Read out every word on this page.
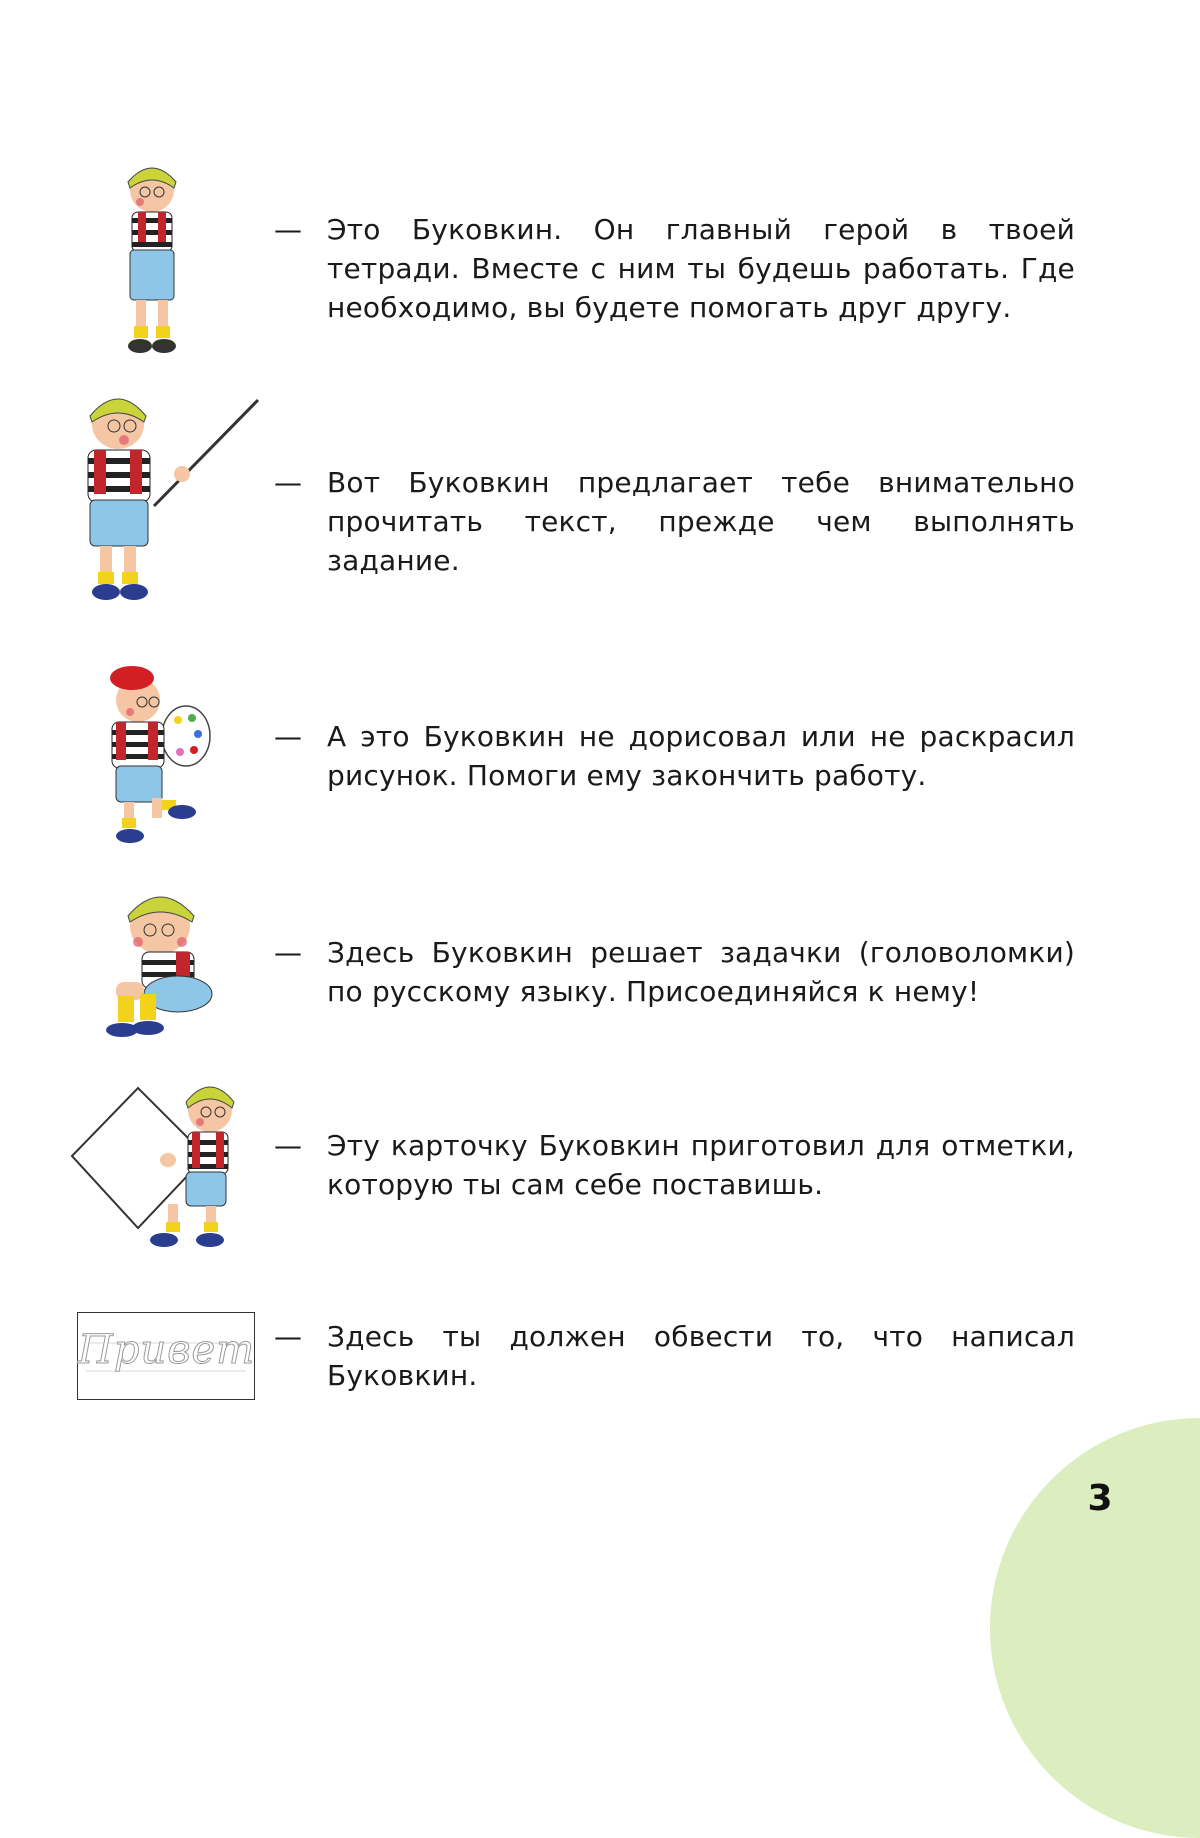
3
— Это Буковкин. Он главный герой в твоей тетради. Вместе с ним ты будешь работать. Где необходимо, вы будете помогать друг другу.

— Вот Буковкин предлагает тебе внимательно прочитать текст, прежде чем выполнять задание.

— А это Буковкин не дорисовал или не раскрасил рисунок. Помоги ему закончить работу.

— Здесь Буковкин решает задачки (головоломки) по русскому языку. Присоединяйся к нему!

— Эту карточку Буковкин приготовил для отметки, которую ты сам себе поставишь.

Привет — Здесь ты должен обвести то, что написал Буковкин.
